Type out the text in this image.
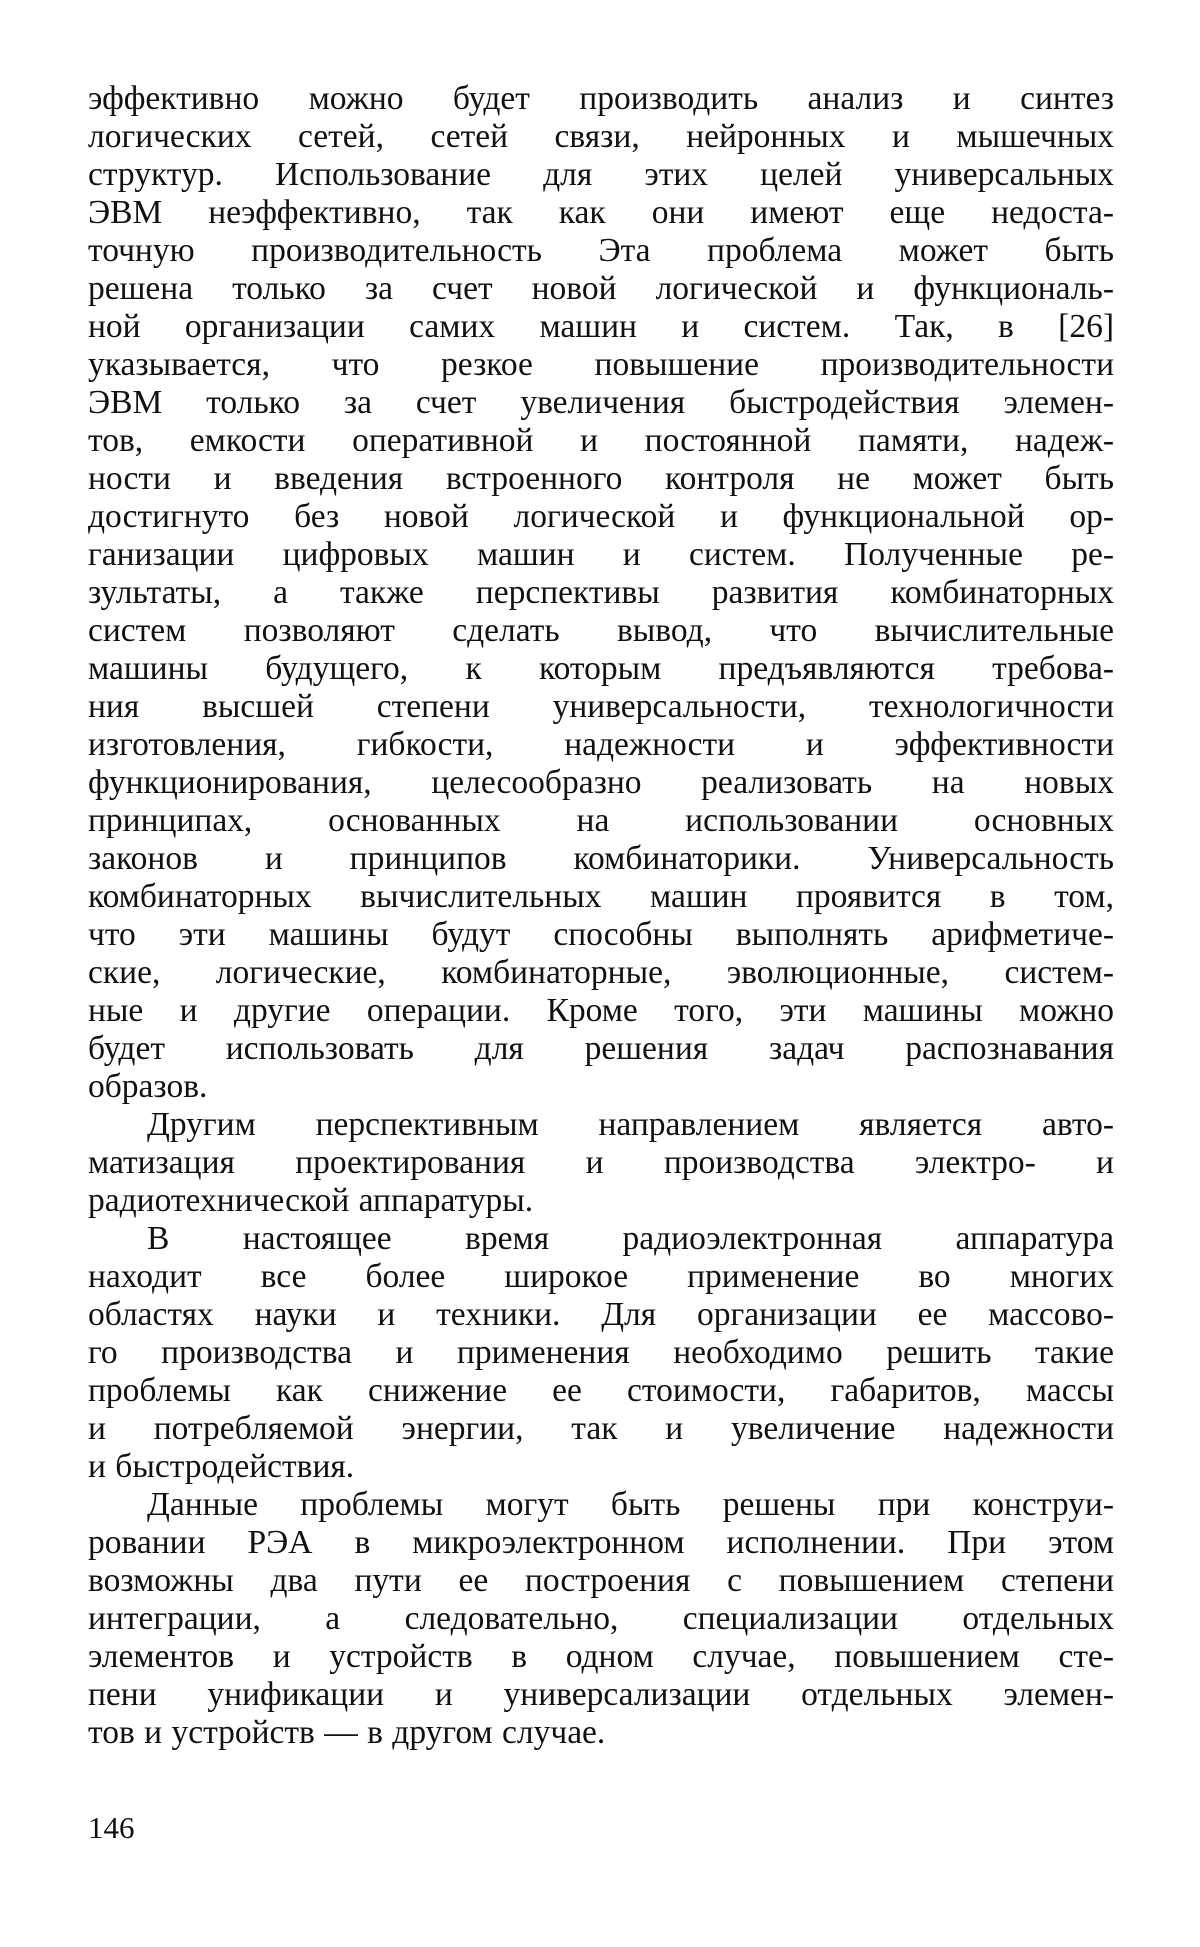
эффективно можно будет производить анализ и синтез
логических сетей, сетей связи, нейронных и мышечных
структур. Использование для этих целей универсальных
ЭВМ неэффективно, так как они имеют еще недоста-
точную производительность Эта проблема может быть
решена только за счет новой логической и функциональ-
ной организации самих машин и систем. Так, в [26]
указывается, что резкое повышение производительности
ЭВМ только за счет увеличения быстродействия элемен-
тов, емкости оперативной и постоянной памяти, надеж-
ности и введения встроенного контроля не может быть
достигнуто без новой логической и функциональной ор-
ганизации цифровых машин и систем. Полученные ре-
зультаты, а также перспективы развития комбинаторных
систем позволяют сделать вывод, что вычислительные
машины будущего, к которым предъявляются требова-
ния высшей степени универсальности, технологичности
изготовления, гибкости, надежности и эффективности
функционирования, целесообразно реализовать на новых
принципах, основанных на использовании основных
законов и принципов комбинаторики. Универсальность
комбинаторных вычислительных машин проявится в том,
что эти машины будут способны выполнять арифметиче-
ские, логические, комбинаторные, эволюционные, систем-
ные и другие операции. Кроме того, эти машины можно
будет использовать для решения задач распознавания
образов.
Другим перспективным направлением является авто-
матизация проектирования и производства электро- и
радиотехнической аппаратуры.
В настоящее время радиоэлектронная аппаратура
находит все более широкое применение во многих
областях науки и техники. Для организации ее массово-
го производства и применения необходимо решить такие
проблемы как снижение ее стоимости, габаритов, массы
и потребляемой энергии, так и увеличение надежности
и быстродействия.
Данные проблемы могут быть решены при конструи-
ровании РЭА в микроэлектронном исполнении. При этом
возможны два пути ее построения с повышением степени
интеграции, а следовательно, специализации отдельных
элементов и устройств в одном случае, повышением сте-
пени унификации и универсализации отдельных элемен-
тов и устройств — в другом случае.
146
